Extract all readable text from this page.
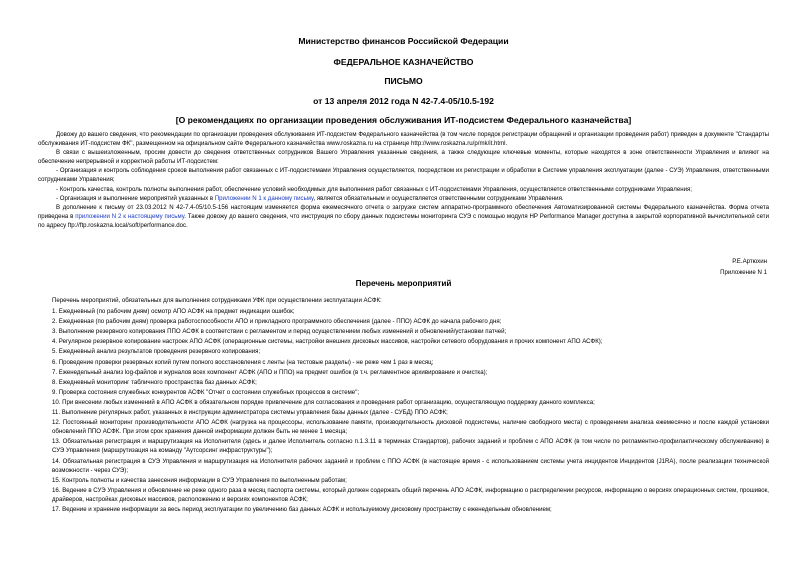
Министерство финансов Российской Федерации
ФЕДЕРАЛЬНОЕ КАЗНАЧЕЙСТВО
ПИСЬМО
от 13 апреля 2012 года N 42-7.4-05/10.5-192
[О рекомендациях по организации проведения обслуживания ИТ-подсистем Федерального казначейства]

Довожу до вашего сведения, что рекомендации по организации проведения обслуживания ИТ-подсистем Федерального казначейства (в том числе порядок регистрации обращений и организации проведения работ) приведен в документе "Стандарты обслуживания ИТ-подсистем ФК", размещенном на официальном сайте Федерального казначейства www.roskazna.ru на странице http://www.roskazna.ru/p/mk/it.html.

В связи с вышеизложенным, просим довести до сведения ответственных сотрудников Вашего Управления указанные сведения, а также следующие ключевые моменты, которые находятся в зоне ответственности Управления и влияют на обеспечение непрерывной и корректной работы ИТ-подсистем:

- Организация и контроль соблюдения сроков выполнения работ связанных с ИТ-подсистемами Управления осуществляется, посредством их регистрации и обработки в Системе управления эксплуатации (далее - СУЭ) Управления, ответственными сотрудниками Управления;

- Контроль качества, контроль полноты выполнения работ, обеспечение условий необходимых для выполнения работ связанных с ИТ-подсистемами Управления, осуществляется ответственными сотрудниками Управления;

- Организация и выполнение мероприятий указанных в Приложении N 1 к данному письму, является обязательным и осуществляется ответственными сотрудниками Управления.

В дополнение к письму от 23.03.2012 N 42-7.4-05/10.5-156 настоящим изменяется форма ежемесячного отчета о загрузке систем аппаратно-программного обеспечения Автоматизированной системы Федерального казначейства. Форма отчета приведена в приложении N 2 к настоящему письму. Также довожу до вашего сведения, что инструкция по сбору данных подсистемы мониторинга СУЭ с помощью модуля HP Performance Manager доступна в закрытой корпоративной вычислительной сети по адресу ftp://ftp.roskazna.local/soft/performance.doc.

Р.Е.Артюхин
Приложение N 1
Перечень мероприятий

Перечень мероприятий, обязательных для выполнения сотрудниками УФК при осуществлении эксплуатации АСФК:

1. Ежедневный (по рабочим дням) осмотр АПО АСФК на предмет индикации ошибок;

2. Ежедневная (по рабочим дням) проверка работоспособности АПО и прикладного программного обеспечения (далее - ППО) АСФК до начала рабочего дня;

3. Выполнение резервного копирования ППО АСФК в соответствии с регламентом и перед осуществлением любых изменений и обновлений/установки патчей;

4. Регулярное резервное копирование настроек АПО АСФК (операционные системы, настройки внешних дисковых массивов, настройки сетевого оборудования и прочих компонент АПО АСФК);

5. Ежедневный анализ результатов проведения резервного копирования;

6. Проведение проверки резервных копий путем полного восстановления с ленты (на тестовые разделы) - не реже чем 1 раз в месяц;

7. Еженедельный анализ log-файлов и журналов всех компонент АСФК (АПО и ППО) на предмет ошибок (в т.ч. регламентное архивирование и очистка);

8. Ежедневный мониторинг табличного пространства баз данных АСФК;

9. Проверка состояния служебных конкурентов АСФК "Отчет о состоянии служебных процессов в системе";

10. При внесении любых изменений в АПО АСФК в обязательном порядке привлечение для согласования и проведения работ организацию, осуществляющую поддержку данного комплекса;

11. Выполнение регулярных работ, указанных в инструкции администратора системы управления базы данных (далее - СУБД) ППО АСФК;

12. Постоянный мониторинг производительности АПО АСФК (нагрузка на процессоры, использование памяти, производительность дисковой подсистемы, наличие свободного места) с проведением анализа ежемесячно и после каждой установки обновлений ППО АСФК. При этом срок хранения данной информации должен быть не менее 1 месяца;

13. Обязательная регистрация и маршрутизация на Исполнителя (здесь и далее Исполнитель согласно п.1.3.11 в терминах Стандартов), рабочих заданий и проблем с АПО АСФК (в том числе по регламентно-профилактическому обслуживанию) в СУЭ Управления (маршрутизация на команду "Аутсорсинг инфраструктуры");

14. Обязательная регистрация в СУЭ Управления и маршрутизация на Исполнителя рабочих заданий и проблем с ППО АСФК (в настоящее время - с использованием системы учета инцидентов Инцидентов (J1RA), после реализации технической возможности - через СУЭ);

15. Контроль полноты и качества занесения информации в СУЭ Управления по выполненным работам;

16. Ведение в СУЭ Управления и обновление не реже одного раза в месяц паспорта системы, который должен содержать общий перечень АПО АСФК, информацию о распределении ресурсов, информацию о версиях операционных систем, прошивок, драйверов, настройках дисковых массивов, расположению и версиях компонентов АСФК;

17. Ведение и хранение информации за весь период эксплуатации по увеличению баз данных АСФК и используемому дисковому пространству с еженедельным обновлением;
